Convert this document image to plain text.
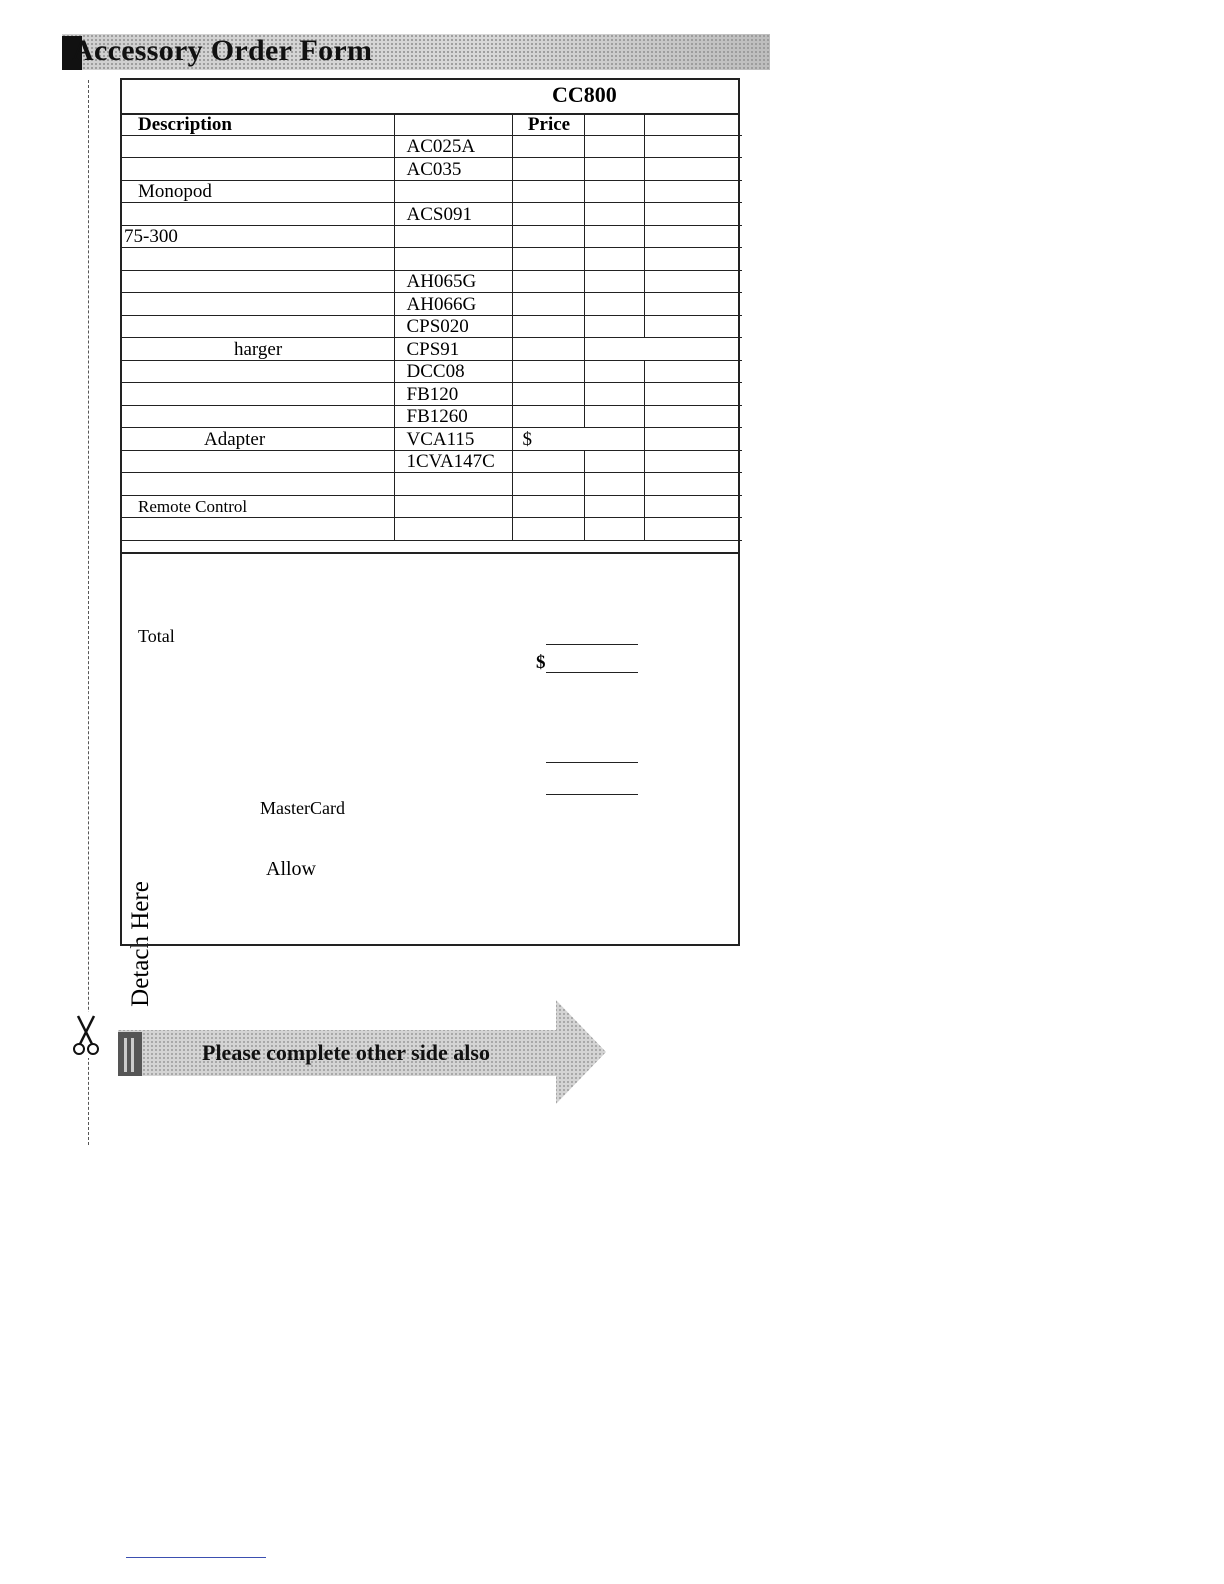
Accessory Order Form
Detach Here
CC800
Description		Price		
	AC025A			
	AC035			
Monopod				
	ACS091			
75-300				

	AH065G			
	AH066G			
	CPS020			
harger	CPS91			
	DCC08			
	FB120			
	FB1260			
Adapter	VCA115	$		
	1CVA147C			

Remote Control				

Total
$
MasterCard
Allow
Please complete other side also
